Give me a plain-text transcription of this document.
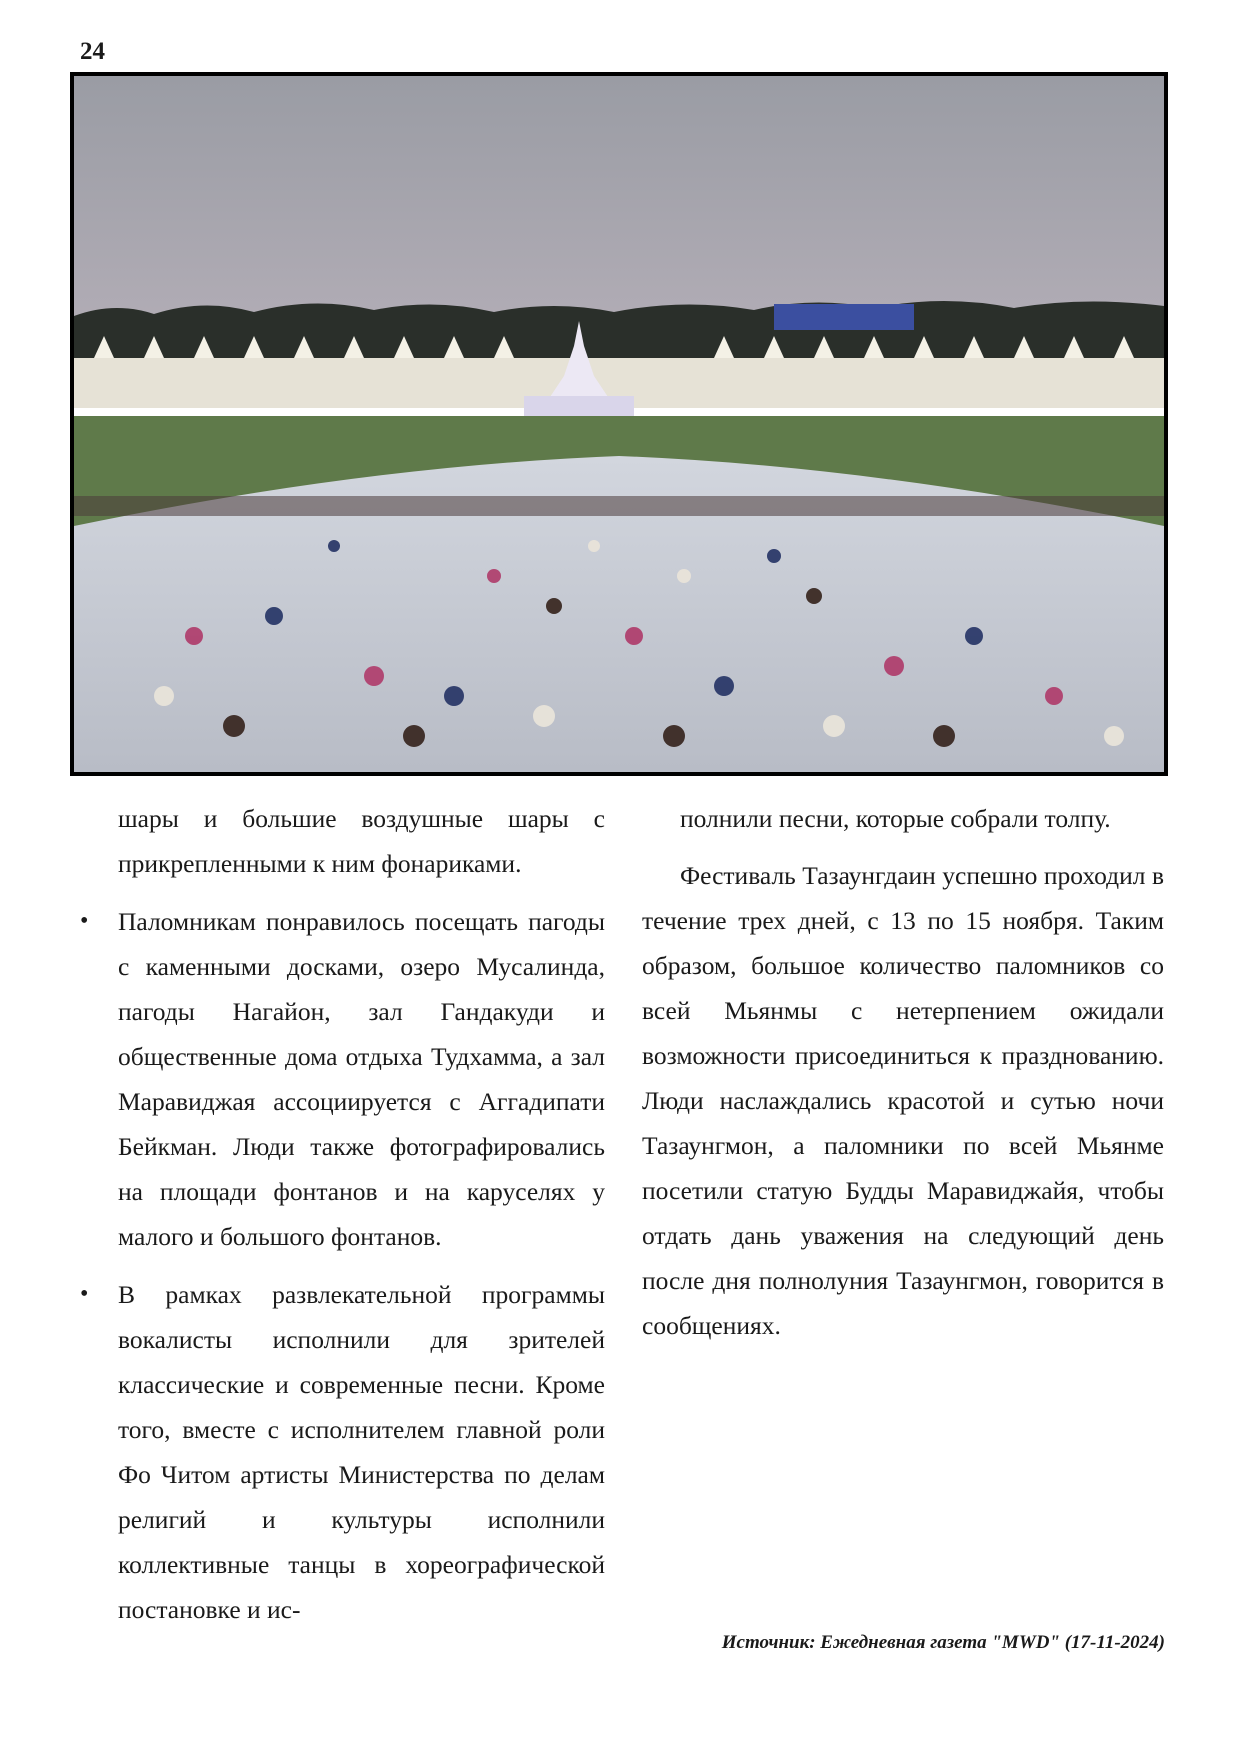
24

шары и большие воздушные шары с прикрепленными к ним фонариками.

•	Паломникам понравилось посещать пагоды с каменными досками, озеро Мусалинда, пагоды Нагайон, зал Гандакуди и общественные дома отдыха Тудхамма, а зал Маравиджая ассоциируется с Аггадипати Бейкман. Люди также фотографировались на площади фонтанов и на каруселях у малого и большого фонтанов.
•	В рамках развлекательной программы вокалисты исполнили для зрителей классические и современные песни. Кроме того, вместе с исполнителем главной роли Фо Читом артисты Министерства по делам религий и культуры исполнили коллективные танцы в хореографической постановке и ис-

полнили песни, которые собрали толпу.

Фестиваль Тазаунгдаин успешно проходил в течение трех дней, с 13 по 15 ноября. Таким образом, большое количество паломников со всей Мьянмы с нетерпением ожидали возможности присоединиться к празднованию. Люди наслаждались красотой и сутью ночи Тазаунгмон, а паломники по всей Мьянме посетили статую Будды Маравиджайя, чтобы отдать дань уважения на следующий день после дня полнолуния Тазаунгмон, говорится в сообщениях.

Источник: Ежедневная газета "MWD" (17-11-2024)
